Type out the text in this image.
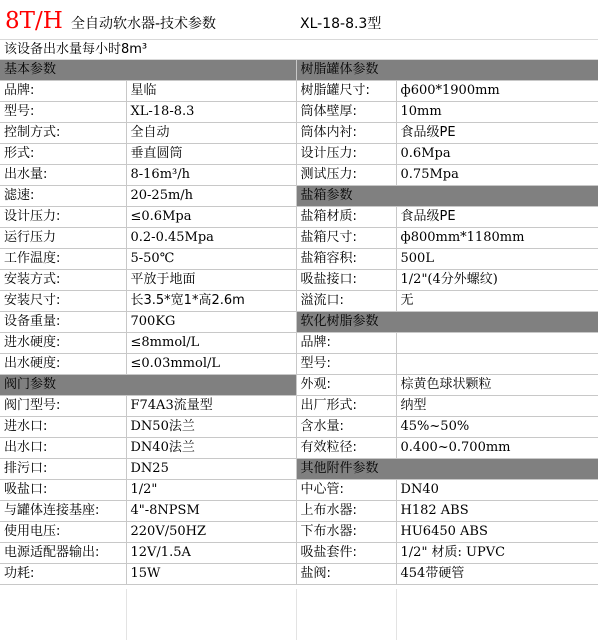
8T/H 全自动软水器-技术参数	XL-18-8.3型
该设备出水量每小时8m³
基本参数		树脂罐体参数	
品牌:	星临	树脂罐尺寸:	ф600*1900mm
型号:	XL-18-8.3	筒体壁厚:	10mm
控制方式:	全自动	筒体内衬:	食品级PE
形式:	垂直圆筒	设计压力:	0.6Mpa
出水量:	8-16m³/h	测试压力:	0.75Mpa
滤速:	20-25m/h	盐箱参数	
设计压力:	≤0.6Mpa	盐箱材质:	食品级PE
运行压力	0.2-0.45Mpa	盐箱尺寸:	ф800mm*1180mm
工作温度:	5-50℃	盐箱容积:	500L
安装方式:	平放于地面	吸盐接口:	1/2"(4分外螺纹)
安装尺寸:	长3.5*宽1*高2.6m	溢流口:	无
设备重量:	700KG	软化树脂参数	
进水硬度:	≤8mmol/L	品牌:	
出水硬度:	≤0.03mmol/L	型号:	
阀门参数		外观:	棕黄色球状颗粒
阀门型号:	F74A3流量型	出厂形式:	纳型
进水口:	DN50法兰	含水量:	45%~50%
出水口:	DN40法兰	有效粒径:	0.400~0.700mm
排污口:	DN25	其他附件参数	
吸盐口:	1/2"	中心管:	DN40
与罐体连接基座:	4"-8NPSM	上布水器:	H182 ABS
使用电压:	220V/50HZ	下布水器:	HU6450 ABS
电源适配器输出:	12V/1.5A	吸盐套件:	1/2" 材质: UPVC
功耗:	15W	盐阀:	454带硬管
